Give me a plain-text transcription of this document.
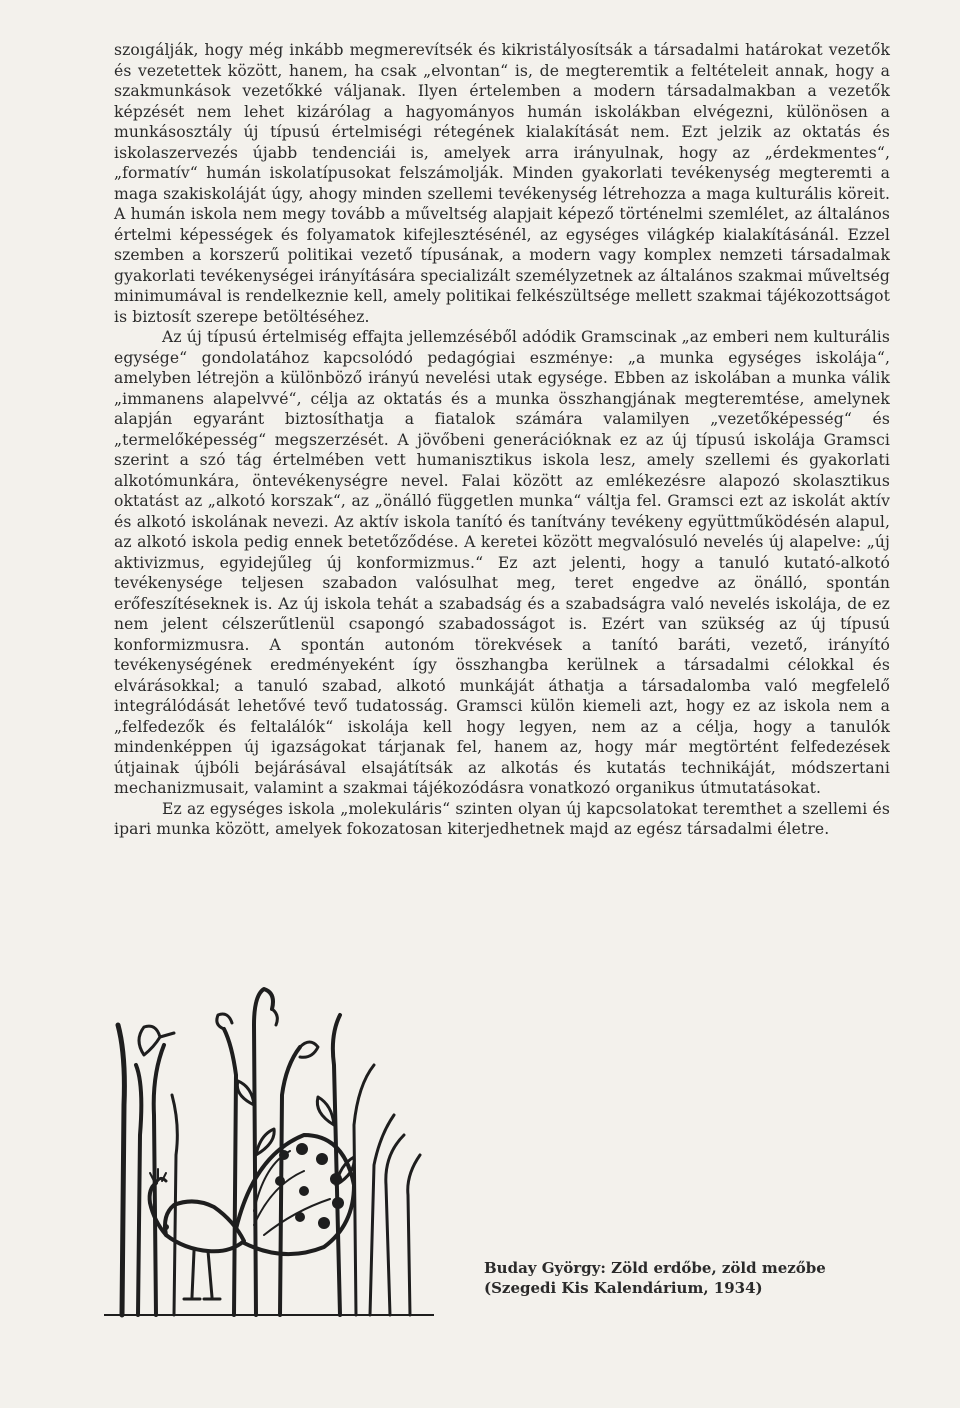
szoıgálják, hogy még inkább megmerevítsék és kikristályosítsák a társadalmi határokat vezetők és vezetettek között, hanem, ha csak „elvontan“ is, de megteremtik a feltételeit annak, hogy a szakmunkások vezetőkké váljanak. Ilyen értelemben a modern társadalmakban a vezetők képzését nem lehet kizárólag a hagyományos humán iskolákban elvégezni, különösen a munkásosztály új típusú értelmiségi rétegének kialakítását nem. Ezt jelzik az oktatás és iskolaszervezés újabb tendenciái is, amelyek arra irányulnak, hogy az „érdekmentes“, „formatív“ humán iskolatípusokat felszámolják. Minden gyakorlati tevékenység megteremti a maga szakiskoláját úgy, ahogy minden szellemi tevékenység létrehozza a maga kulturális köreit. A humán iskola nem megy tovább a műveltség alapjait képező történelmi szemlélet, az általános értelmi képességek és folyamatok kifejlesztésénél, az egységes világkép kialakításánál. Ezzel szemben a korszerű politikai vezető típusának, a modern vagy komplex nemzeti társadalmak gyakorlati tevékenységei irányítására specializált személyzetnek az általános szakmai műveltség minimumával is rendelkeznie kell, amely politikai felkészültsége mellett szakmai tájékozottságot is biztosít szerepe betöltéséhez.

Az új típusú értelmiség effajta jellemzéséből adódik Gramscinak „az emberi nem kulturális egysége“ gondolatához kapcsolódó pedagógiai eszménye: „a munka egységes iskolája“, amelyben létrejön a különböző irányú nevelési utak egysége. Ebben az iskolában a munka válik „immanens alapelvvé“, célja az oktatás és a munka összhangjának megteremtése, amelynek alapján egyaránt biztosíthatja a fiatalok számára valamilyen „vezetőképesség“ és „termelőképesség“ megszerzését. A jövőbeni generációknak ez az új típusú iskolája Gramsci szerint a szó tág értelmében vett humanisztikus iskola lesz, amely szellemi és gyakorlati alkotómunkára, öntevékenységre nevel. Falai között az emlékezésre alapozó skolasztikus oktatást az „alkotó korszak“, az „önálló független munka“ váltja fel. Gramsci ezt az iskolát aktív és alkotó iskolának nevezi. Az aktív iskola tanító és tanítvány tevékeny együttműködésén alapul, az alkotó iskola pedig ennek betetőződése. A keretei között megvalósuló nevelés új alapelve: „új aktivizmus, egyidejűleg új konformizmus.“ Ez azt jelenti, hogy a tanuló kutató-alkotó tevékenysége teljesen szabadon valósulhat meg, teret engedve az önálló, spontán erőfeszítéseknek is. Az új iskola tehát a szabadság és a szabadságra való nevelés iskolája, de ez nem jelent célszerűtlenül csapongó szabadosságot is. Ezért van szükség az új típusú konformizmusra. A spontán autonóm törekvések a tanító baráti, vezető, irányító tevékenységének eredményeként így összhangba kerülnek a társadalmi célokkal és elvárásokkal; a tanuló szabad, alkotó munkáját áthatja a társadalomba való megfelelő integrálódását lehetővé tevő tudatosság. Gramsci külön kiemeli azt, hogy ez az iskola nem a „felfedezők és feltalálók“ iskolája kell hogy legyen, nem az a célja, hogy a tanulók mindenképpen új igazságokat tárjanak fel, hanem az, hogy már megtörtént felfedezések útjainak újbóli bejárásával elsajátítsák az alkotás és kutatás technikáját, módszertani mechanizmusait, valamint a szakmai tájékozódásra vonatkozó organikus útmutatásokat.

Ez az egységes iskola „molekuláris“ szinten olyan új kapcsolatokat teremthet a szellemi és ipari munka között, amelyek fokozatosan kiterjedhetnek majd az egész társadalmi életre.

Buday György: Zöld erdőbe, zöld mezőbe
(Szegedi Kis Kalendárium, 1934)
